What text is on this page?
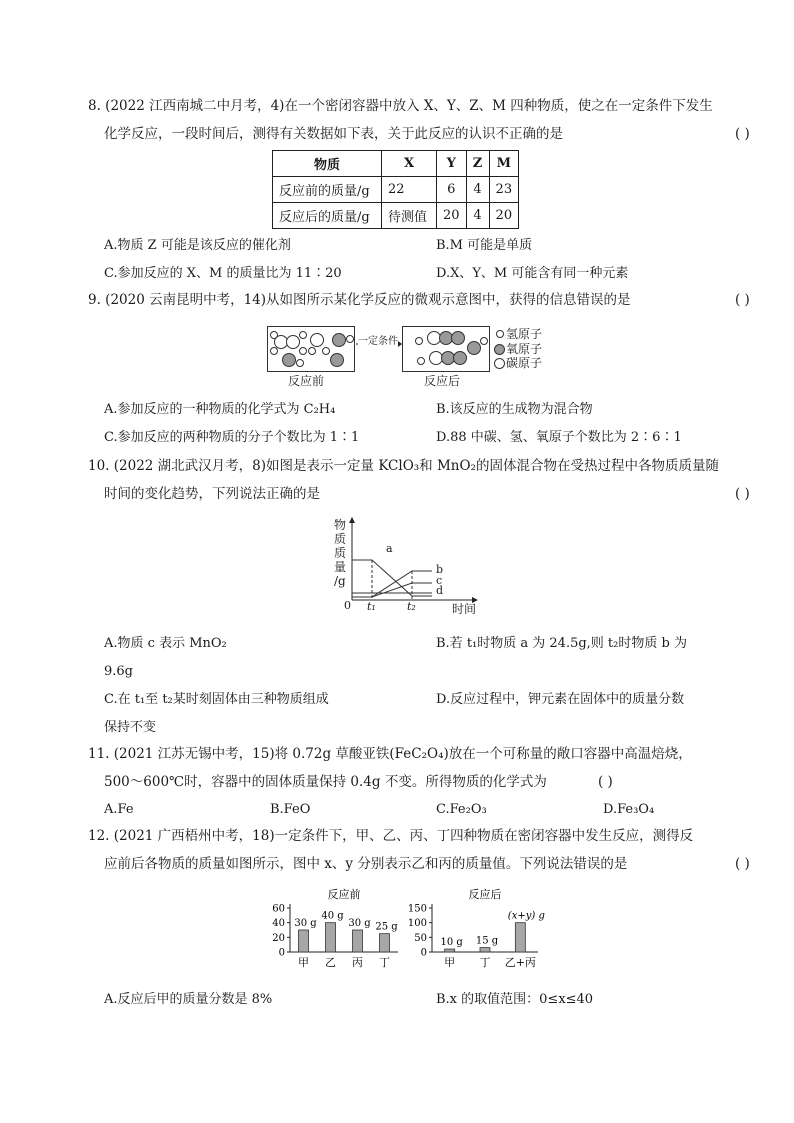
8. (2022 江西南城二中月考，4)在一个密闭容器中放入 X、Y、Z、M 四种物质，使之在一定条件下发生
化学反应，一段时间后，测得有关数据如下表，关于此反应的认识不正确的是	( )
物质	X	Y	Z	M
反应前的质量/g	22	6	4	23
反应后的质量/g	待测值	20	4	20
A.物质 Z 可能是该反应的催化剂	B.M 可能是单质
C.参加反应的 X、M 的质量比为 11∶20	D.X、Y、M 可能含有同一种元素
9. (2020 云南昆明中考，14)从如图所示某化学反应的微观示意图中，获得的信息错误的是	( )
一定条件
反应前	反应后
氢原子
氧原子
碳原子
A.参加反应的一种物质的化学式为 C₂H₄	B.该反应的生成物为混合物
C.参加反应的两种物质的分子个数比为 1∶1	D.88 中碳、氢、氧原子个数比为 2∶6∶1
10. (2022 湖北武汉月考，8)如图是表示一定量 KClO₃和 MnO₂的固体混合物在受热过程中各物质质量随
时间的变化趋势，下列说法正确的是	( )
物
质
质
量
/g
a
b
c
d
0 t₁	t₂	时间
A.物质 c 表示 MnO₂	B.若 t₁时物质 a 为 24.5g,则 t₂时物质 b 为
9.6g
C.在 t₁至 t₂某时刻固体由三种物质组成	D.反应过程中，钾元素在固体中的质量分数
保持不变
11. (2021 江苏无锡中考，15)将 0.72g 草酸亚铁(FeC₂O₄)放在一个可称量的敞口容器中高温焙烧，
500～600℃时，容器中的固体质量保持 0.4g 不变。所得物质的化学式为	( )
A.Fe	B.FeO	C.Fe₂O₃	D.Fe₃O₄
12. (2021 广西梧州中考，18)一定条件下，甲、乙、丙、丁四种物质在密闭容器中发生反应，测得反
应前后各物质的质量如图所示，图中 x、y 分别表示乙和丙的质量值。下列说法错误的是	( )
反应前
0
20
40
60
30 g
甲
40 g
乙
30 g
丙
25 g
丁
反应后
0
50
100
150
10 g
甲
15 g
丁
(x+y) g
乙+丙
A.反应后甲的质量分数是 8%	B.x 的取值范围：0≤x≤40
